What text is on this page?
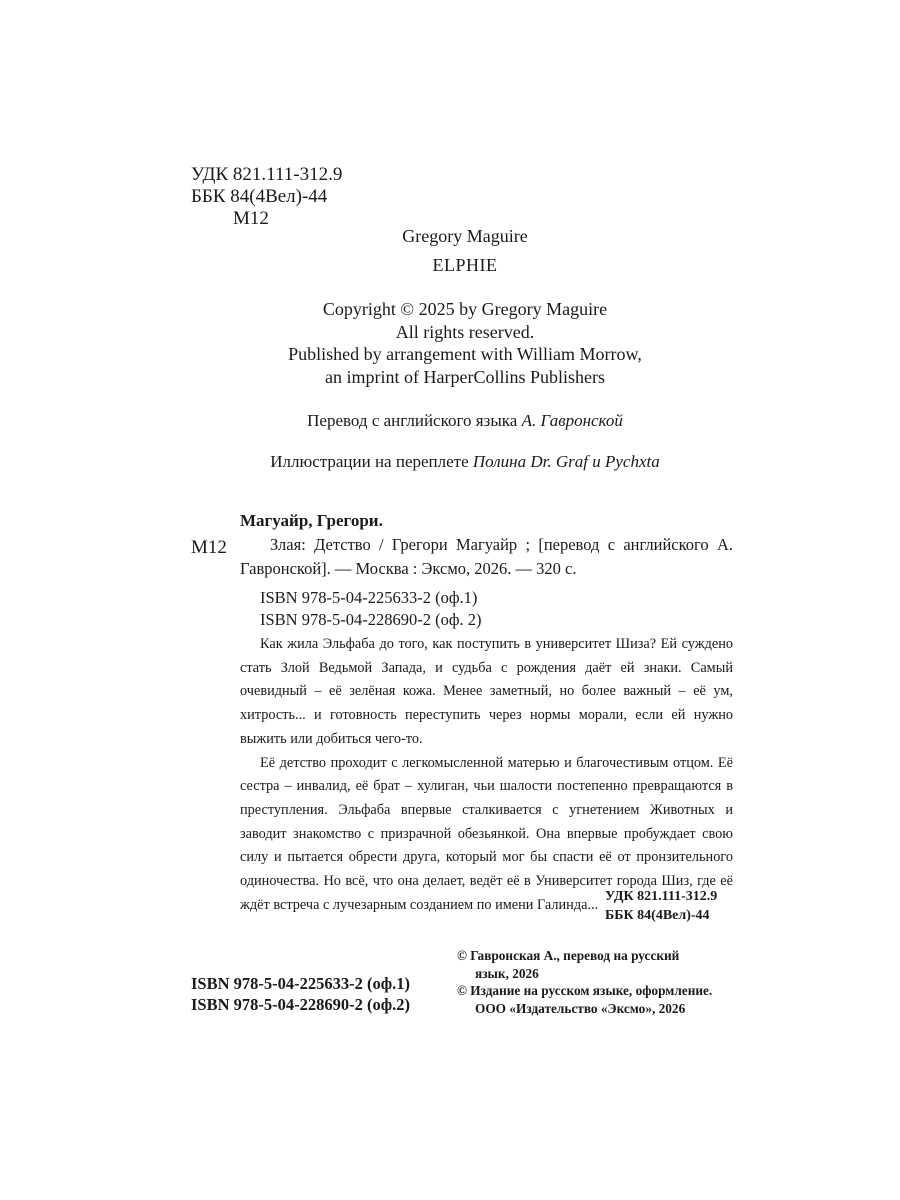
УДК 821.111-312.9
ББК 84(4Вел)-44
М12
Gregory Maguire
ELPHIE
Copyright © 2025 by Gregory Maguire
All rights reserved.
Published by arrangement with William Morrow,
an imprint of HarperCollins Publishers
Перевод с английского языка А. Гавронской
Иллюстрации на переплете Полина Dr. Graf и Pychxta
Магуайр, Грегори.
М12	Злая: Детство / Грегори Магуайр ; [перевод с английского А. Гавронской]. — Москва : Эксмо, 2026. — 320 с.
ISBN 978-5-04-225633-2 (оф.1)
ISBN 978-5-04-228690-2 (оф. 2)

Как жила Эльфаба до того, как поступить в университет Шиза? Ей суждено стать Злой Ведьмой Запада, и судьба с рождения даёт ей знаки. Самый очевидный – её зелёная кожа. Менее заметный, но более важный – её ум, хитрость... и готовность переступить через нормы морали, если ей нужно выжить или добиться чего-то.

Её детство проходит с легкомысленной матерью и благочестивым отцом. Её сестра – инвалид, её брат – хулиган, чьи шалости постепенно превращаются в преступления. Эльфаба впервые сталкивается с угнетением Животных и заводит знакомство с призрачной обезьянкой. Она впервые пробуждает свою силу и пытается обрести друга, который мог бы спасти её от пронзительного одиночества. Но всё, что она делает, ведёт её в Университет города Шиз, где её ждёт встреча с лучезарным созданием по имени Галинда...

УДК 821.111-312.9
ББК 84(4Вел)-44
ISBN 978-5-04-225633-2 (оф.1)
ISBN 978-5-04-228690-2 (оф.2)
© Гавронская А., перевод на русский
язык, 2026
© Издание на русском языке, оформление.
ООО «Издательство «Эксмо», 2026
